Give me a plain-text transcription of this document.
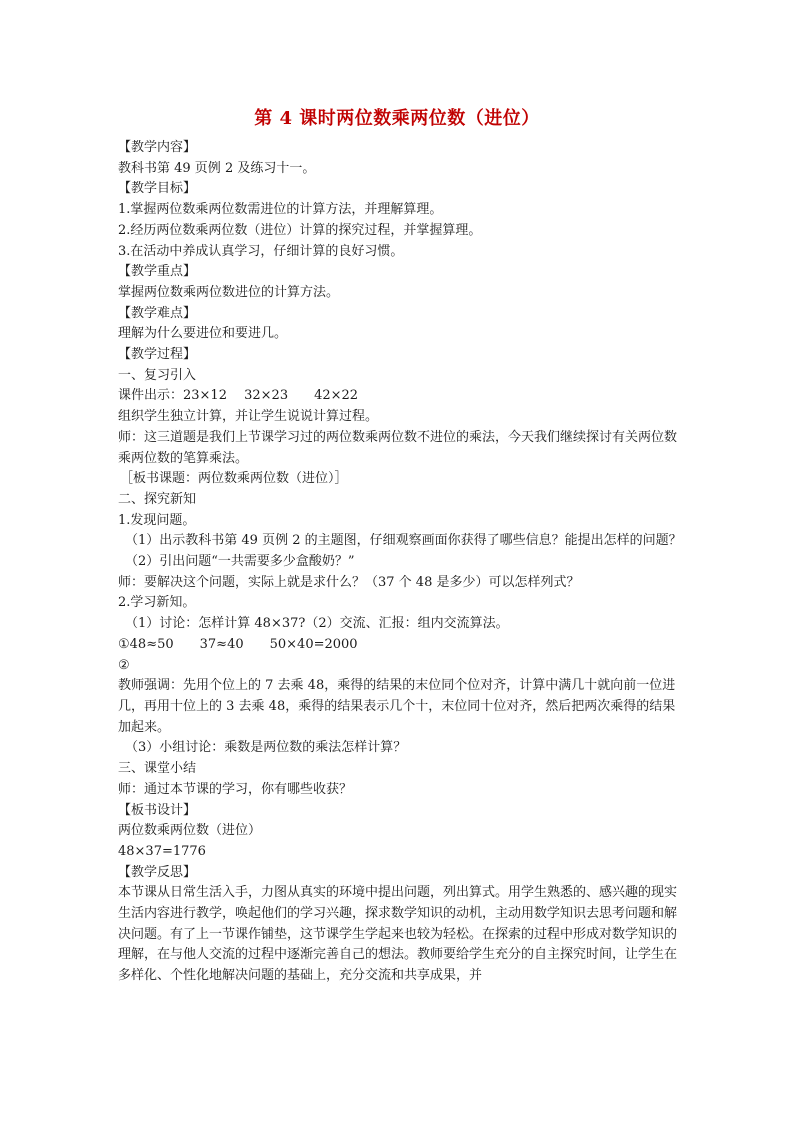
第 4 课时两位数乘两位数（进位）

【教学内容】

教科书第 49 页例 2 及练习十一。

【教学目标】

1.掌握两位数乘两位数需进位的计算方法，并理解算理。

2.经历两位数乘两位数（进位）计算的探究过程，并掌握算理。

3.在活动中养成认真学习，仔细计算的良好习惯。

【教学重点】

掌握两位数乘两位数进位的计算方法。

【教学难点】

理解为什么要进位和要进几。

【教学过程】

一、复习引入

课件出示：23×12　 32×23　　42×22

组织学生独立计算，并让学生说说计算过程。

师：这三道题是我们上节课学习过的两位数乘两位数不进位的乘法，今天我们继续探讨有关两位数乘两位数的笔算乘法。

［板书课题：两位数乘两位数（进位）］

二、探究新知

1.发现问题。

（1）出示教科书第 49 页例 2 的主题图，仔细观察画面你获得了哪些信息？能提出怎样的问题？

（2）引出问题“一共需要多少盒酸奶？”

师：要解决这个问题，实际上就是求什么？（37 个 48 是多少）可以怎样列式？

2.学习新知。

（1）讨论：怎样计算 48×37?（2）交流、汇报：组内交流算法。

①48≈50　　37≈40　　50×40=2000

②

教师强调：先用个位上的 7 去乘 48，乘得的结果的末位同个位对齐，计算中满几十就向前一位进几，再用十位上的 3 去乘 48，乘得的结果表示几个十，末位同十位对齐，然后把两次乘得的结果加起来。

（3）小组讨论：乘数是两位数的乘法怎样计算？

三、课堂小结

师：通过本节课的学习，你有哪些收获？

【板书设计】

两位数乘两位数（进位）

48×37=1776

【教学反思】

本节课从日常生活入手，力图从真实的环境中提出问题，列出算式。用学生熟悉的、感兴趣的现实生活内容进行教学，唤起他们的学习兴趣，探求数学知识的动机，主动用数学知识去思考问题和解决问题。有了上一节课作铺垫，这节课学生学起来也较为轻松。在探索的过程中形成对数学知识的理解，在与他人交流的过程中逐渐完善自己的想法。教师要给学生充分的自主探究时间，让学生在多样化、个性化地解决问题的基础上，充分交流和共享成果，并
